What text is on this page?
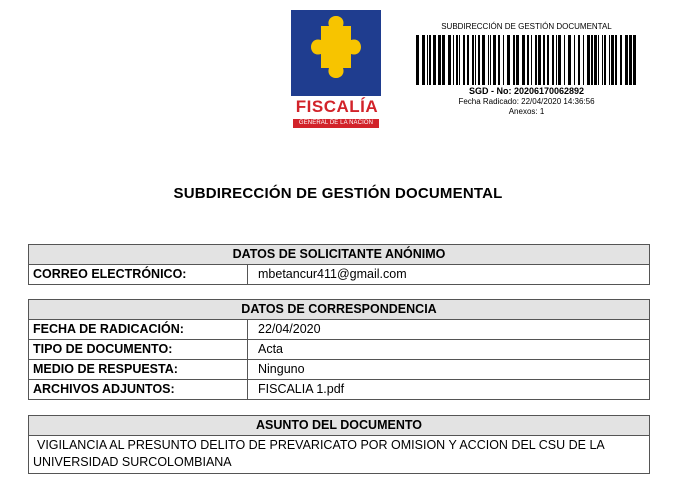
FISCALÍA
GENERAL DE LA NACIÓN
SUBDIRECCIÓN DE GESTIÓN DOCUMENTAL
SGD - No: 20206170062892
Fecha Radicado: 22/04/2020 14:36:56
Anexos: 1
SUBDIRECCIÓN DE GESTIÓN DOCUMENTAL
DATOS DE SOLICITANTE ANÓNIMO
CORREO ELECTRÓNICO:	mbetancur411@gmail.com
DATOS DE CORRESPONDENCIA
FECHA DE RADICACIÓN:	22/04/2020
TIPO DE DOCUMENTO:	Acta
MEDIO DE RESPUESTA:	Ninguno
ARCHIVOS ADJUNTOS:	FISCALIA 1.pdf
ASUNTO DEL DOCUMENTO
VIGILANCIA AL PRESUNTO DELITO DE PREVARICATO POR OMISION Y ACCION DEL CSU DE LA UNIVERSIDAD SURCOLOMBIANA
